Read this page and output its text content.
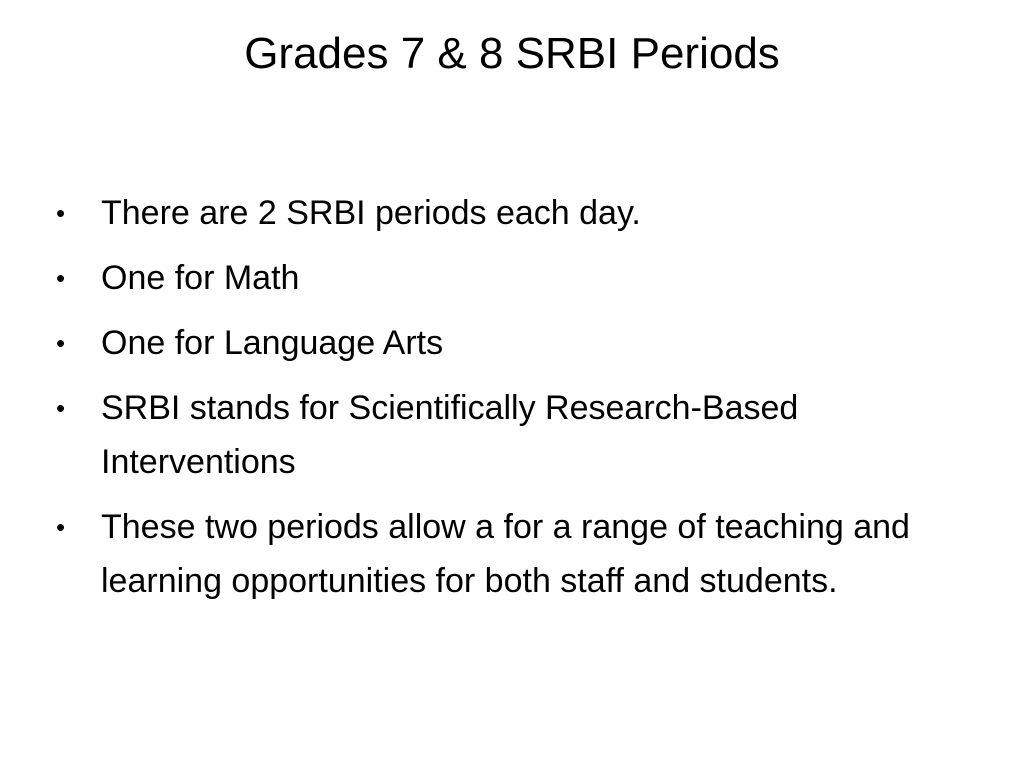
Grades 7 & 8 SRBI Periods
• There are 2 SRBI periods each day.
• One for Math
• One for Language Arts
• SRBI stands for Scientifically Research-Based Interventions
• These two periods allow a for a range of teaching and learning opportunities for both staff and students.
